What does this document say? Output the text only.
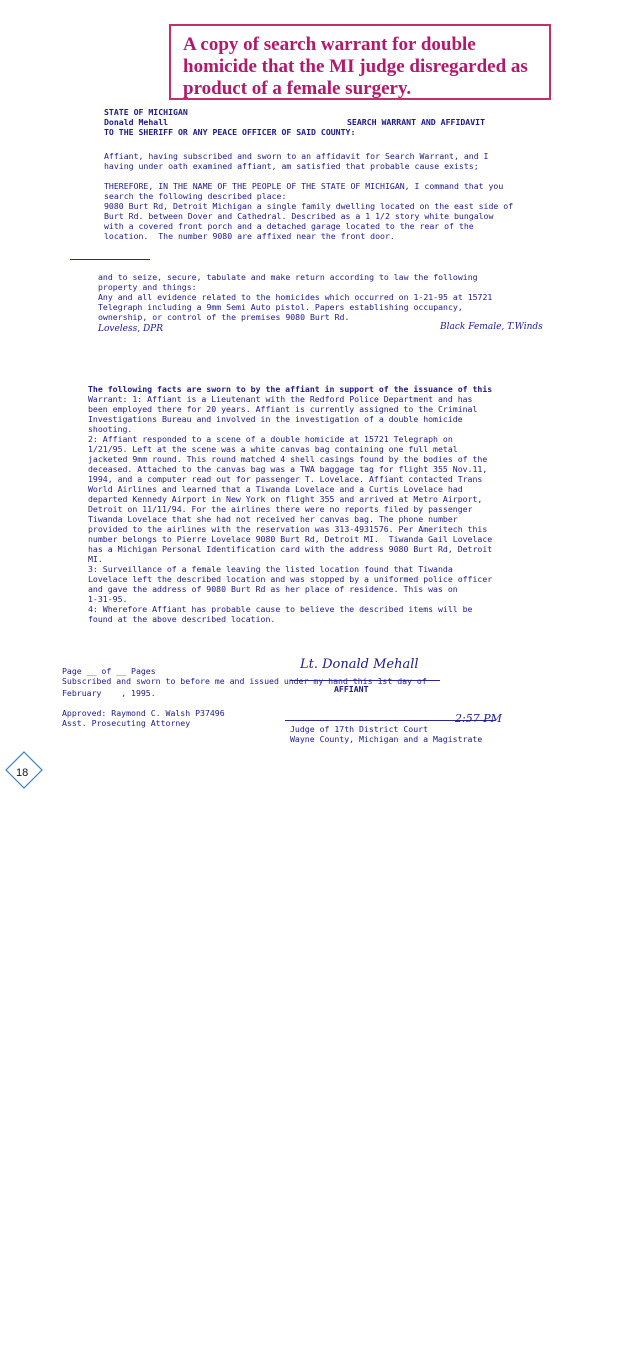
A copy of search warrant for double homicide that the MI judge disregarded as product of a female surgery.

STATE OF MICHIGAN

Donald Mehall

TO THE SHERIFF OR ANY PEACE OFFICER OF SAID COUNTY:

SEARCH WARRANT AND AFFIDAVIT

Affiant, having subscribed and sworn to an affidavit for Search Warrant, and I

having under oath examined affiant, am satisfied that probable cause exists;

THEREFORE, IN THE NAME OF THE PEOPLE OF THE STATE OF MICHIGAN, I command that you

search the following described place:

9080 Burt Rd, Detroit Michigan a single family dwelling located on the east side of

Burt Rd. between Dover and Cathedral. Described as a 1 1/2 story white bungalow

with a covered front porch and a detached garage located to the rear of the

location.  The number 9080 are affixed near the front door.

and to seize, secure, tabulate and make return according to law the following

property and things:

Any and all evidence related to the homicides which occurred on 1-21-95 at 15721

Telegraph including a 9mm Semi Auto pistol. Papers establishing occupancy,

ownership, or control of the premises 9080 Burt Rd.

Black Female, T.Winds

Loveless, DPR

The following facts are sworn to by the affiant in support of the issuance of this

Warrant: 1: Affiant is a Lieutenant with the Redford Police Department and has

been employed there for 20 years. Affiant is currently assigned to the Criminal

Investigations Bureau and involved in the investigation of a double homicide

shooting.

2: Affiant responded to a scene of a double homicide at 15721 Telegraph on

1/21/95. Left at the scene was a white canvas bag containing one full metal

jacketed 9mm round. This round matched 4 shell casings found by the bodies of the

deceased. Attached to the canvas bag was a TWA baggage tag for flight 355 Nov.11,

1994, and a computer read out for passenger T. Lovelace. Affiant contacted Trans

World Airlines and learned that a Tiwanda Lovelace and a Curtis Lovelace had

departed Kennedy Airport in New York on flight 355 and arrived at Metro Airport,

Detroit on 11/11/94. For the airlines there were no reports filed by passenger

Tiwanda Lovelace that she had not received her canvas bag. The phone number

provided to the airlines with the reservation was 313-4931576. Per Ameritech this

number belongs to Pierre Lovelace 9080 Burt Rd, Detroit MI.  Tiwanda Gail Lovelace

has a Michigan Personal Identification card with the address 9080 Burt Rd, Detroit

MI.

3: Surveillance of a female leaving the listed location found that Tiwanda

Lovelace left the described location and was stopped by a uniformed police officer

and gave the address of 9080 Burt Rd as her place of residence. This was on

1-31-95.

4: Wherefore Affiant has probable cause to believe the described items will be

found at the above described location.

Page __ of __ Pages

Subscribed and sworn to before me and issued under my hand this 1st day of

February    , 1995.

Lt. Donald Mehall

AFFIANT

Approved: Raymond C. Walsh P37496

Asst. Prosecuting Attorney

	2:57 PM

Judge of 17th District Court

Wayne County, Michigan and a Magistrate

18
